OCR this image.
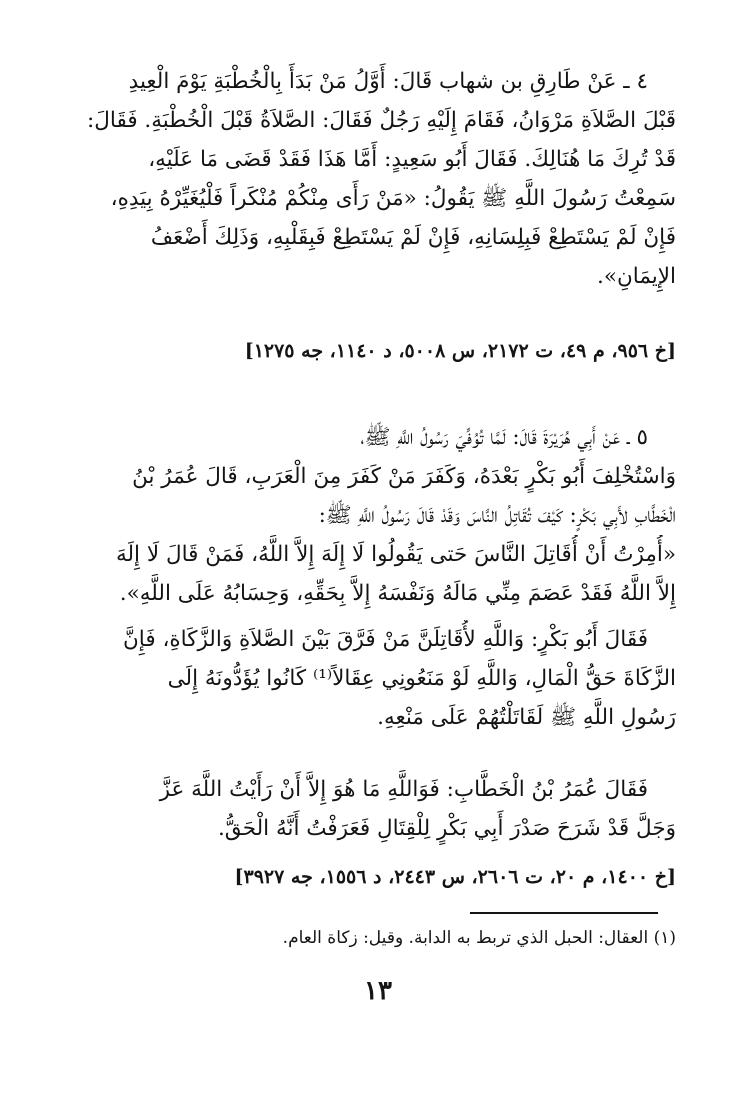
٤ ـ عَنْ طَارِقِ بن شهاب قَالَ: أَوَّلُ مَنْ بَدَأَ بِالْخُطْبَةِ يَوْمَ الْعِيدِ
قَبْلَ الصَّلاَةِ مَرْوَانُ، فَقَامَ إِلَيْهِ رَجُلٌ فَقَالَ: الصَّلاَةُ قَبْلَ الْخُطْبَةِ. فَقَالَ:
قَدْ تُرِكَ مَا هُنَالِكَ. فَقَالَ أَبُو سَعِيدٍ: أَمَّا هَذَا فَقَدْ قَضَى مَا عَلَيْهِ،
سَمِعْتُ رَسُولَ اللَّهِ ﷺ يَقُولُ: «مَنْ رَأَى مِنْكُمْ مُنْكَراً فَلْيُغَيِّرْهُ بِيَدِهِ،
فَإِنْ لَمْ يَسْتَطِعْ فَبِلِسَانِهِ، فَإِنْ لَمْ يَسْتَطِعْ فَبِقَلْبِهِ، وَذَلِكَ أَضْعَفُ
الإِيمَانِ».
[خ ٩٥٦، م ٤٩، ت ٢١٧٢، س ٥٠٠٨، د ١١٤٠، جه ١٢٧٥]
٥ ـ عَنْ أَبِي هُرَيْرَةَ قَالَ: لَمَّا تُوُفِّيَ رَسُولُ اللَّهِ ﷺ،
وَاسْتُخْلِفَ أَبُو بَكْرٍ بَعْدَهُ، وَكَفَرَ مَنْ كَفَرَ مِنَ الْعَرَبِ، قَالَ عُمَرُ بْنُ
الْخَطَّابِ لأَبِي بَكْرٍ: كَيْفَ تُقَاتِلُ النَّاسَ وَقَدْ قَالَ رَسُولُ اللَّهِ ﷺ:
«أُمِرْتُ أَنْ أُقَاتِلَ النَّاسَ حَتى يَقُولُوا لَا إِلَهَ إِلاَّ اللَّهُ، فَمَنْ قَالَ لَا إِلَهَ
إِلاَّ اللَّهُ فَقَدْ عَصَمَ مِنِّي مَالَهُ وَنَفْسَهُ إِلاَّ بِحَقِّهِ، وَحِسَابُهُ عَلَى اللَّهِ».
فَقَالَ أَبُو بَكْرٍ: وَاللَّهِ لأُقَاتِلَنَّ مَنْ فَرَّقَ بَيْنَ الصَّلاَةِ وَالزَّكَاةِ، فَإِنَّ
الزَّكَاةَ حَقُّ الْمَالِ، وَاللَّهِ لَوْ مَنَعُونِي عِقَالاً⁽¹⁾ كَانُوا يُؤَدُّونَهُ إِلَى
رَسُولِ اللَّهِ ﷺ لَقَاتَلْتُهُمْ عَلَى مَنْعِهِ.
فَقَالَ عُمَرُ بْنُ الْخَطَّابِ: فَوَاللَّهِ مَا هُوَ إِلاَّ أَنْ رَأَيْتُ اللَّهَ عَزَّ
وَجَلَّ قَدْ شَرَحَ صَدْرَ أَبِي بَكْرٍ لِلْقِتَالِ فَعَرَفْتُ أَنَّهُ الْحَقُّ.
[خ ١٤٠٠، م ٢٠، ت ٢٦٠٦، س ٢٤٤٣، د ١٥٥٦، جه ٣٩٢٧]
(١) العقال: الحبل الذي تربط به الدابة. وقيل: زكاة العام.
١٣
